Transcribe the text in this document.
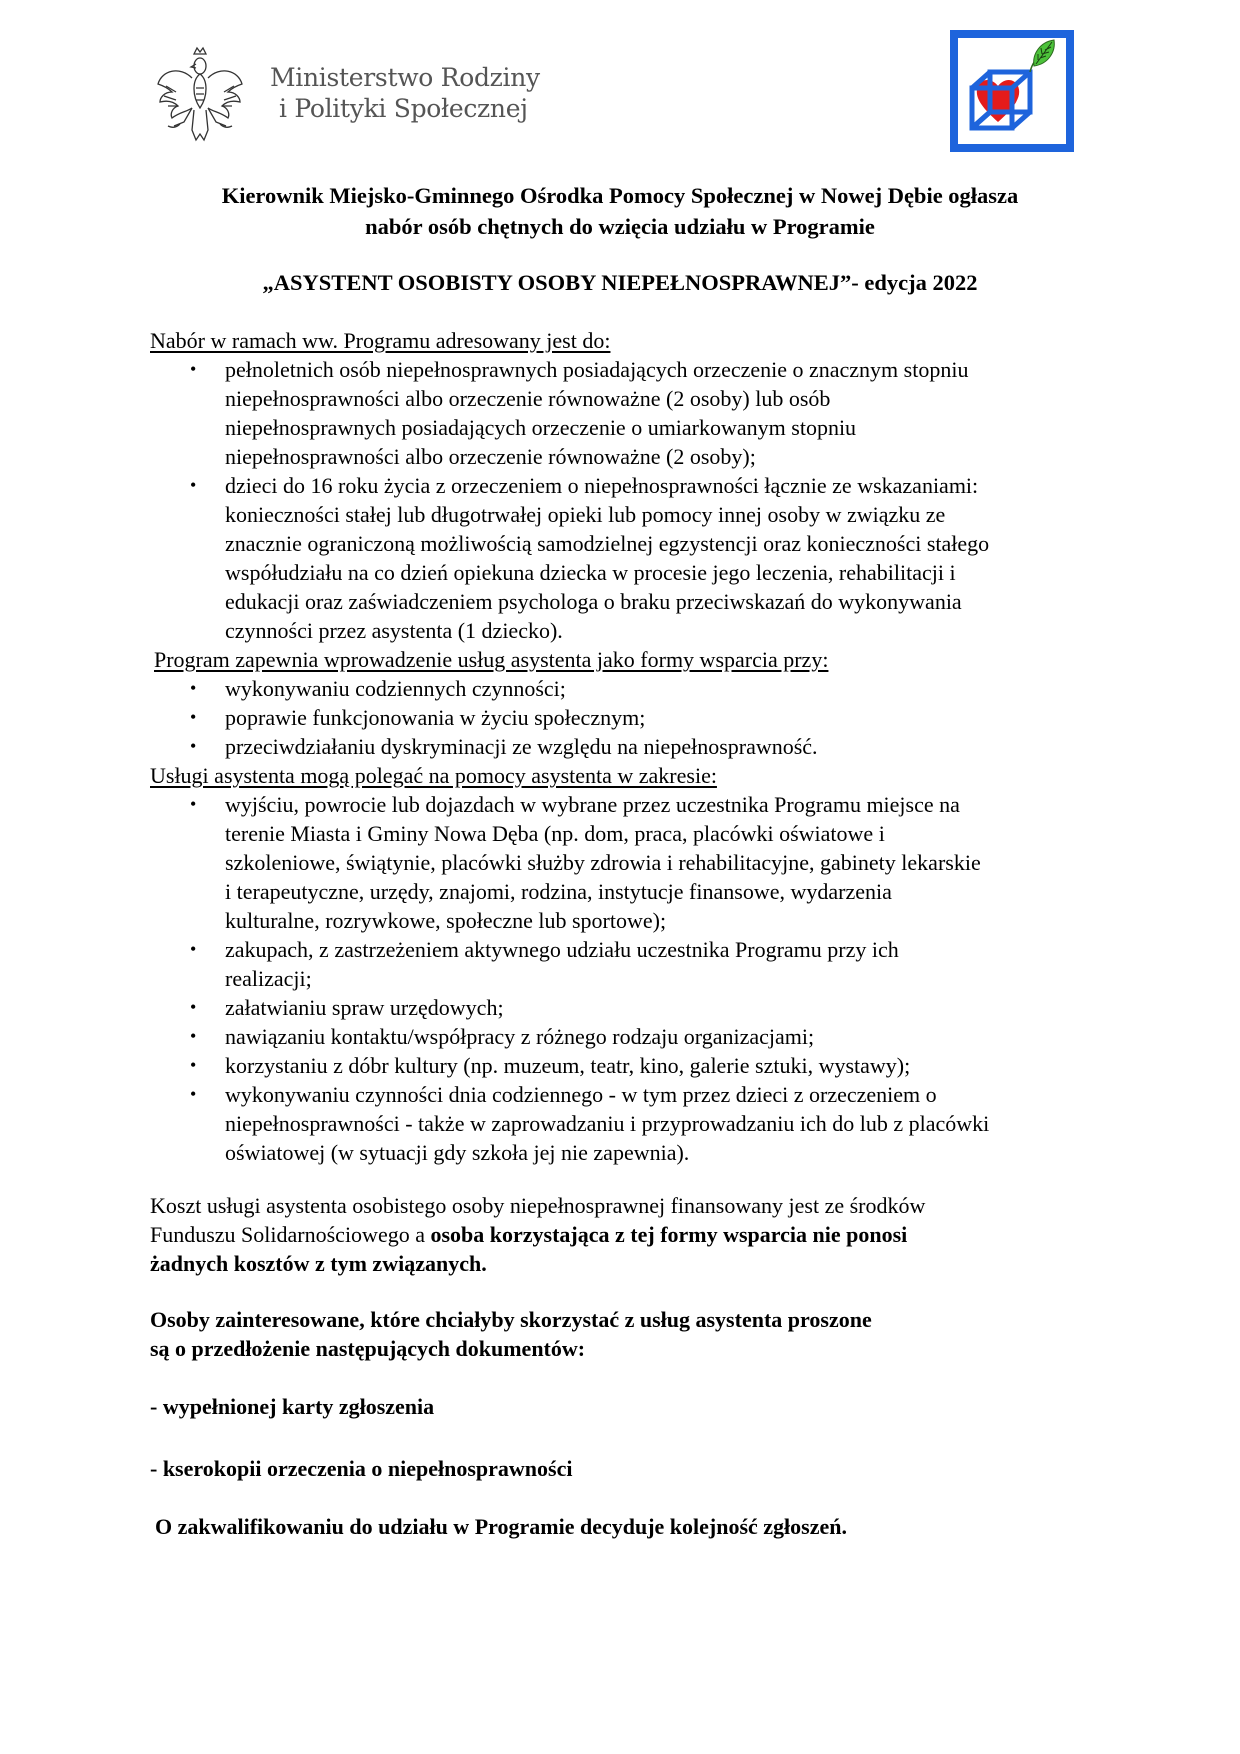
Ministerstwo Rodziny
i Polityki Społecznej
Kierownik Miejsko-Gminnego Ośrodka Pomocy Społecznej w Nowej Dębie ogłasza
nabór osób chętnych do wzięcia udziału w Programie
„ASYSTENT OSOBISTY OSOBY NIEPEŁNOSPRAWNEJ”- edycja 2022
Nabór w ramach ww. Programu adresowany jest do:
• pełnoletnich osób niepełnosprawnych posiadających orzeczenie o znacznym stopniu
niepełnosprawności albo orzeczenie równoważne (2 osoby) lub osób
niepełnosprawnych posiadających orzeczenie o umiarkowanym stopniu
niepełnosprawności albo orzeczenie równoważne (2 osoby);
• dzieci do 16 roku życia z orzeczeniem o niepełnosprawności łącznie ze wskazaniami:
konieczności stałej lub długotrwałej opieki lub pomocy innej osoby w związku ze
znacznie ograniczoną możliwością samodzielnej egzystencji oraz konieczności stałego
współudziału na co dzień opiekuna dziecka w procesie jego leczenia, rehabilitacji i
edukacji oraz zaświadczeniem psychologa o braku przeciwskazań do wykonywania
czynności przez asystenta (1 dziecko).
Program zapewnia wprowadzenie usług asystenta jako formy wsparcia przy:
• wykonywaniu codziennych czynności;
• poprawie funkcjonowania w życiu społecznym;
• przeciwdziałaniu dyskryminacji ze względu na niepełnosprawność.
Usługi asystenta mogą polegać na pomocy asystenta w zakresie:
• wyjściu, powrocie lub dojazdach w wybrane przez uczestnika Programu miejsce na
terenie Miasta i Gminy Nowa Dęba (np. dom, praca, placówki oświatowe i
szkoleniowe, świątynie, placówki służby zdrowia i rehabilitacyjne, gabinety lekarskie
i terapeutyczne, urzędy, znajomi, rodzina, instytucje finansowe, wydarzenia
kulturalne, rozrywkowe, społeczne lub sportowe);
• zakupach, z zastrzeżeniem aktywnego udziału uczestnika Programu przy ich
realizacji;
• załatwianiu spraw urzędowych;
• nawiązaniu kontaktu/współpracy z różnego rodzaju organizacjami;
• korzystaniu z dóbr kultury (np. muzeum, teatr, kino, galerie sztuki, wystawy);
• wykonywaniu czynności dnia codziennego - w tym przez dzieci z orzeczeniem o
niepełnosprawności - także w zaprowadzaniu i przyprowadzaniu ich do lub z placówki
oświatowej (w sytuacji gdy szkoła jej nie zapewnia).
Koszt usługi asystenta osobistego osoby niepełnosprawnej finansowany jest ze środków
Funduszu Solidarnościowego a osoba korzystająca z tej formy wsparcia nie ponosi
żadnych kosztów z tym związanych.
Osoby zainteresowane, które chciałyby skorzystać z usług asystenta proszone
są o przedłożenie następujących dokumentów:
- wypełnionej karty zgłoszenia
- kserokopii orzeczenia o niepełnosprawności
O zakwalifikowaniu do udziału w Programie decyduje kolejność zgłoszeń.
